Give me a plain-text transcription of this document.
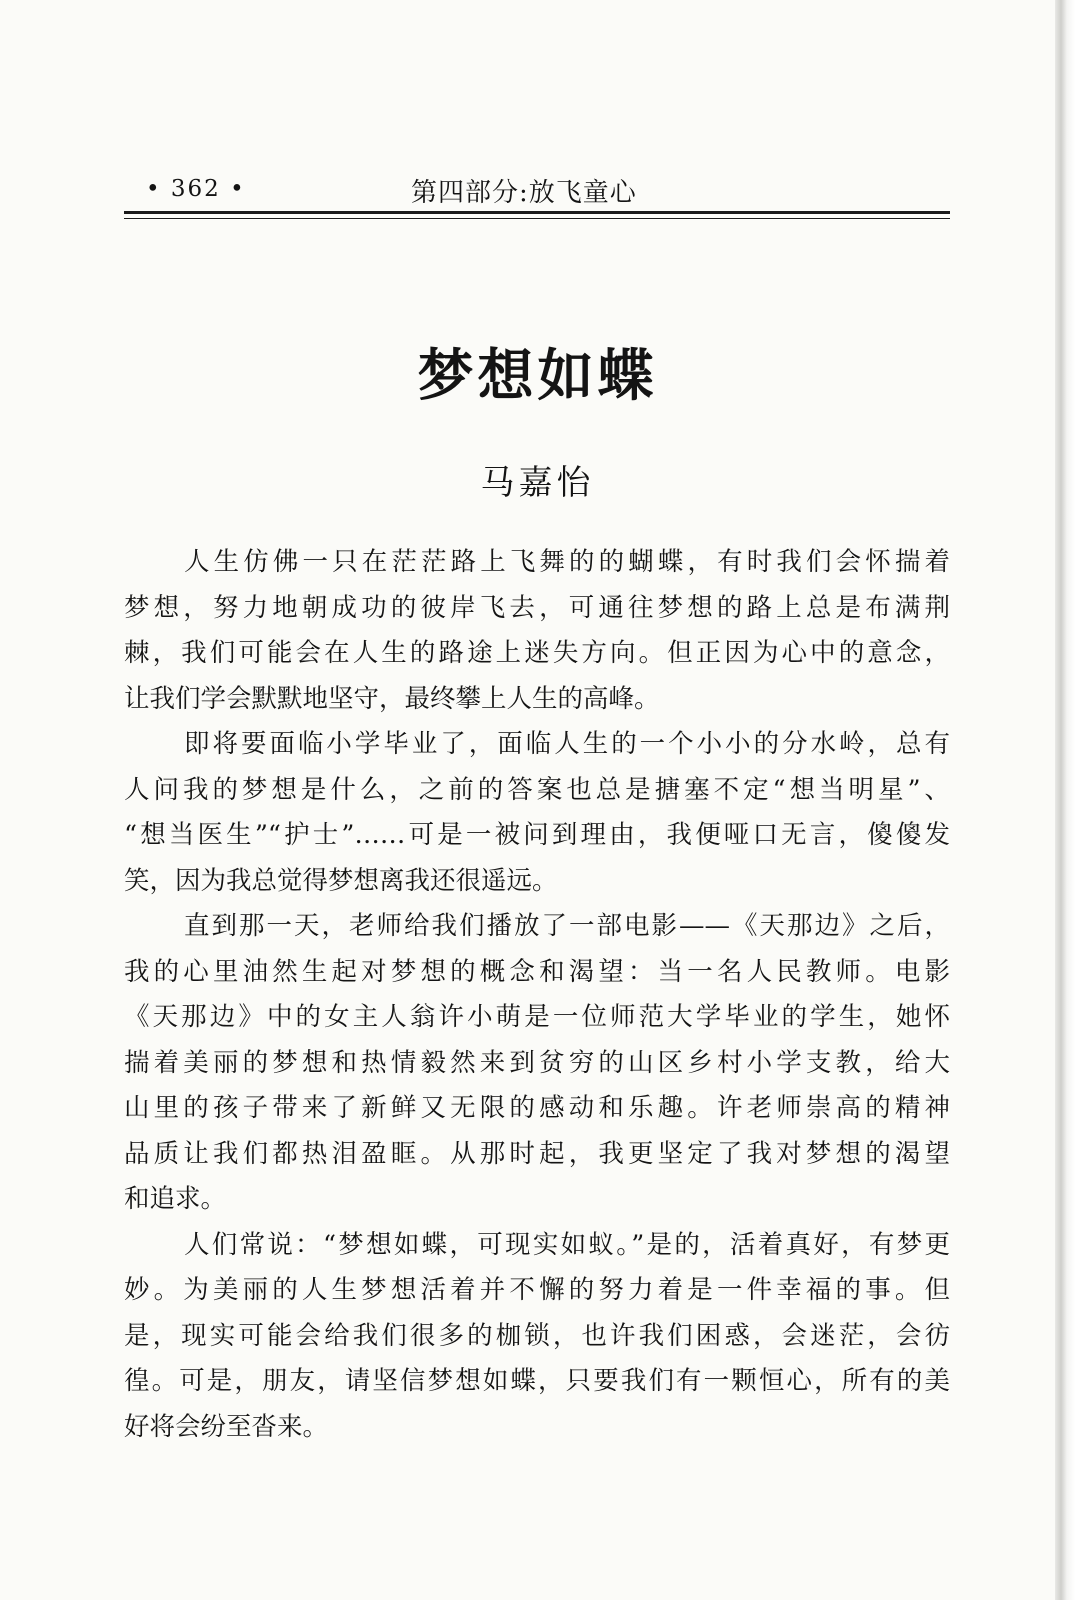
• 362 •	第四部分:放飞童心
梦想如蝶
马嘉怡
人生仿佛一只在茫茫路上飞舞的的蝴蝶，有时我们会怀揣着
梦想，努力地朝成功的彼岸飞去，可通往梦想的路上总是布满荆
棘，我们可能会在人生的路途上迷失方向。但正因为心中的意念，
让我们学会默默地坚守，最终攀上人生的高峰。
即将要面临小学毕业了，面临人生的一个小小的分水岭，总有
人问我的梦想是什么，之前的答案也总是搪塞不定“想当明星”、
“想当医生”“护士”……可是一被问到理由，我便哑口无言，傻傻发
笑，因为我总觉得梦想离我还很遥远。
直到那一天，老师给我们播放了一部电影——《天那边》之后，
我的心里油然生起对梦想的概念和渴望：当一名人民教师。电影
《天那边》中的女主人翁许小萌是一位师范大学毕业的学生，她怀
揣着美丽的梦想和热情毅然来到贫穷的山区乡村小学支教，给大
山里的孩子带来了新鲜又无限的感动和乐趣。许老师崇高的精神
品质让我们都热泪盈眶。从那时起，我更坚定了我对梦想的渴望
和追求。
人们常说：“梦想如蝶，可现实如蚁。”是的，活着真好，有梦更
妙。为美丽的人生梦想活着并不懈的努力着是一件幸福的事。但
是，现实可能会给我们很多的枷锁，也许我们困惑，会迷茫，会彷
徨。可是，朋友，请坚信梦想如蝶，只要我们有一颗恒心，所有的美
好将会纷至沓来。
